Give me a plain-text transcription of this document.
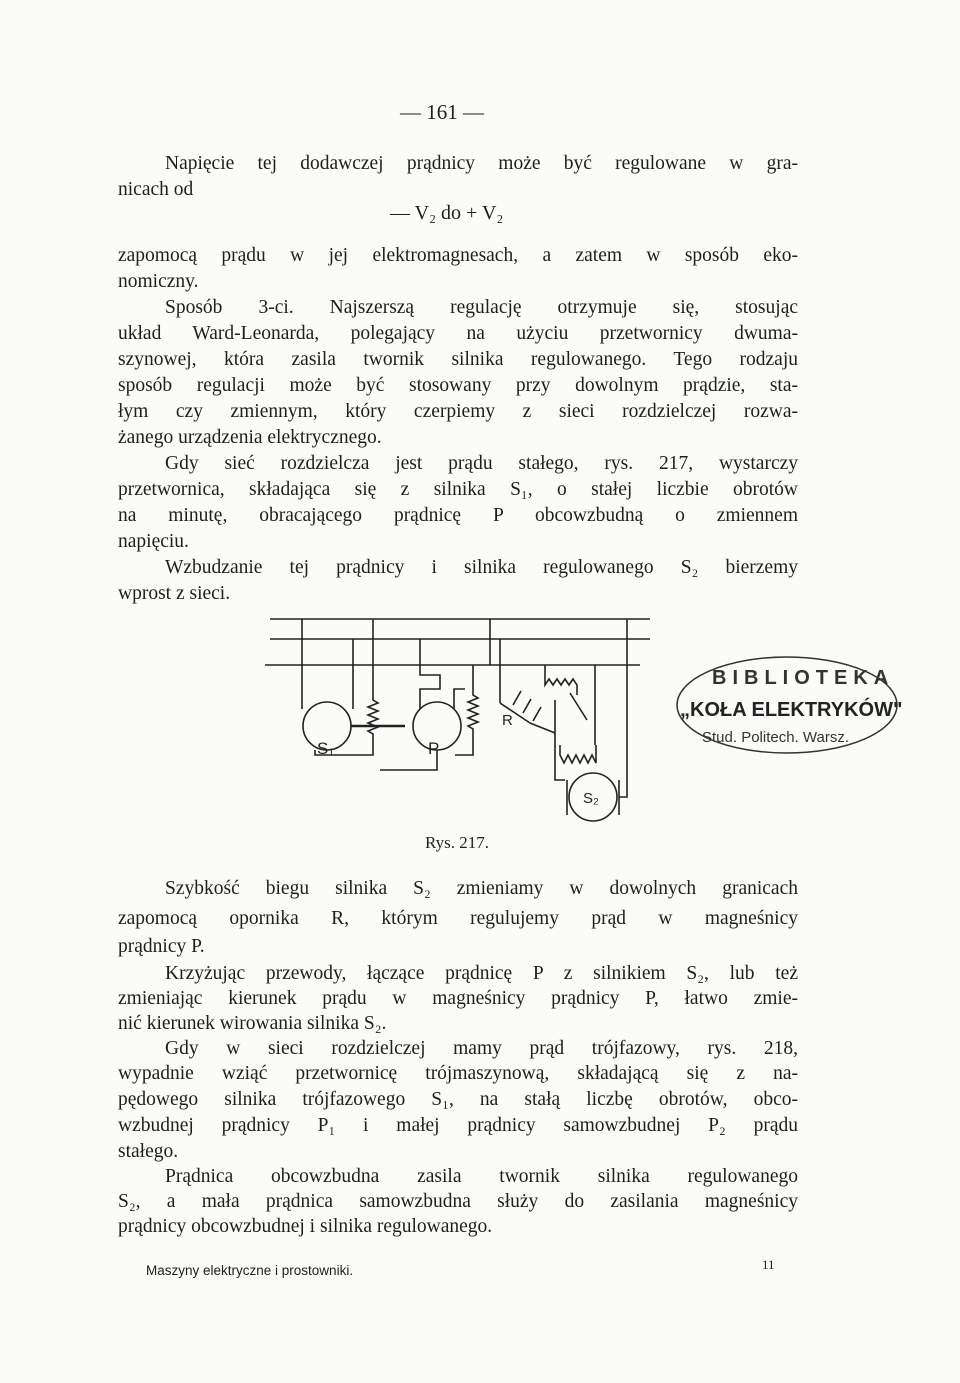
— 161 —
Napięcie tej dodawczej prądnicy może być regulowane w gra-
nicach od
— V₂ do + V₂
zapomocą prądu w jej elektromagnesach, a zatem w sposób eko-
nomiczny.
Sposób 3-ci. Najszerszą regulację otrzymuje się, stosując
układ Ward-Leonarda, polegający na użyciu przetwornicy dwuma-
szynowej, która zasila twornik silnika regulowanego. Tego rodzaju
sposób regulacji może być stosowany przy dowolnym prądzie, sta-
łym czy zmiennym, który czerpiemy z sieci rozdzielczej rozwa-
żanego urządzenia elektrycznego.
Gdy sieć rozdzielcza jest prądu stałego, rys. 217, wystarczy
przetwornica, składająca się z silnika S₁, o stałej liczbie obrotów
na minutę, obracającego prądnicę P obcowzbudną o zmiennem
napięciu.
Wzbudzanie tej prądnicy i silnika regulowanego S₂ bierzemy
wprost z sieci.
S₁	P
R
S₂
BIBLIOTEKA
„KOŁA ELEKTRYKÓW"
Stud. Politech. Warsz.
Rys. 217.
Szybkość biegu silnika S₂ zmieniamy w dowolnych granicach
zapomocą opornika R, którym regulujemy prąd w magneśnicy
prądnicy P.
Krzyżując przewody, łączące prądnicę P z silnikiem S₂, lub też
zmieniając kierunek prądu w magneśnicy prądnicy P, łatwo zmie-
nić kierunek wirowania silnika S₂.
Gdy w sieci rozdzielczej mamy prąd trójfazowy, rys. 218,
wypadnie wziąć przetwornicę trójmaszynową, składającą się z na-
pędowego silnika trójfazowego S₁, na stałą liczbę obrotów, obco-
wzbudnej prądnicy P₁ i małej prądnicy samowzbudnej P₂ prądu
stałego.
Prądnica obcowzbudna zasila twornik silnika regulowanego
S₂, a mała prądnica samowzbudna służy do zasilania magneśnicy
prądnicy obcowzbudnej i silnika regulowanego.
Maszyny elektryczne i prostowniki.	11
